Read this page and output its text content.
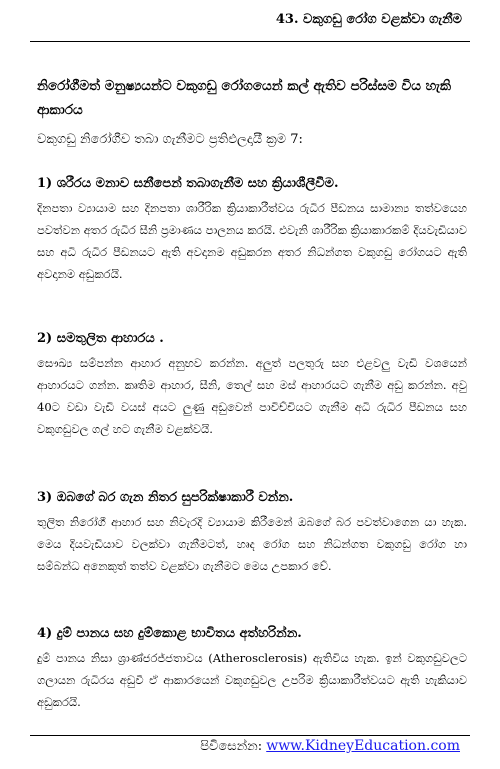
43. වකුගඩු රෝග වළක්වා ගැනීම
නිරෝගීමත් මනුෂ්‍යයන්ට වකුගඩු රෝගයෙන් කල් ඇතිව පරිස්සම විය හැකි ආකාරය
වකුගඩු නිරෝගීව තබා ගැනීමට ප්‍රතිඵලදායී ක්‍රම 7:
1) ශරීරය මනාව සනීපෙන් තබාගැනීම සහ ක්‍රියාශීලීවීම.
දිනපතා ව්‍යායාම සහ දිනපතා ශාරීරික ක්‍රියාකාරීත්වය රුධිර පීඩනය සාමාන්‍ය තත්වයෙහ පවත්වන අතර රුධිර සීනි ප්‍රමාණය පාලනය කරයි. එවැනි ශාරීරික ක්‍රියාකාරකම් දියවැඩියාව සහ අධි රුධිර පීඩනයට ඇති අවදානම අඩුකරන අතර නිධන්ගත වකුගඩු රෝගයට ඇති අවදානම අඩුකරයි.
2) සමතුලිත ආහාරය .
සෞඛ්‍ය සම්පන්න ආහාර අනුභව කරන්න. අලුත් පලතුරු සහ එළවලු වැඩි වශයෙන් ආහාරයට ගන්න. කෘතිම ආහාර, සීනි, තෙල් සහ මස් ආහාරයට ගැනීම අඩු කරන්න. අවු 40ට වඩා වැඩි වයස් අයට ලුණු අඩුවෙන් පාවිච්චියට ගැනීම අධි රුධිර පීඩනය සහ වකුගඩුවල ගල් හට ගැනීම වළක්වයි.
3) ඔබගේ බර ගැන නිතර සුපරික්ෂාකාරී වන්න.
තුලිත නිරෝගී ආහාර සහ නිවැරදි ව්‍යායාම කිරීමෙන් ඔබගේ බර පවත්වාගෙන යා හැක. මෙය දියවැඩියාව වලක්වා ගැනීමටත්, හෘද රෝග සහ නිධන්ගත වකුගඩු රෝග හා සම්බන්ධ අනෙකුත් තත්ව වළක්වා ගැනීමට මෙය උපකාර වේ.
4) දුම් පානය සහ දුම්කොළ භාවිතය අත්හරින්න.
දුම් පානය නිසා ශ්‍රාණ්ජරජ්ජතාවය (Atherosclerosis) ඇතිවිය හැක. ඉන් වකුගඩුවලට ගලායන රුධිරය අඩුවී ඒ ආකාරයෙන් වකුගඩුවල උපරිම ක්‍රියාකාරීත්වයට ඇති හැකියාව අඩුකරයි.
පිවිසෙන්න: www.KidneyEducation.com
